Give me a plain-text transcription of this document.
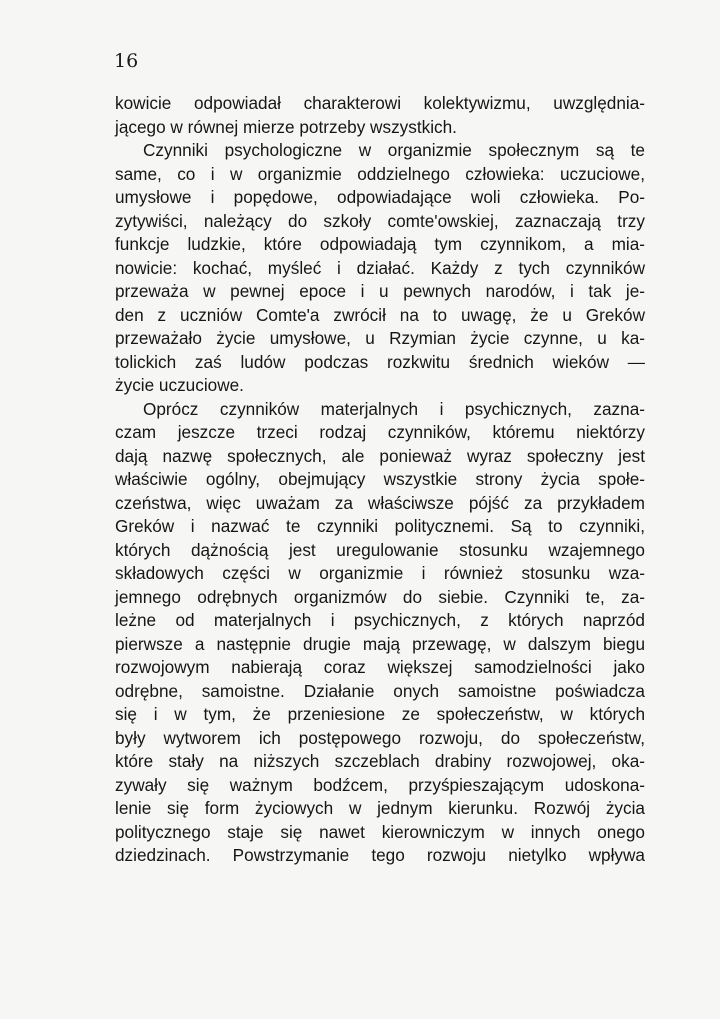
16
kowicie odpowiadał charakterowi kolektywizmu, uwzględnia-
jącego w równej mierze potrzeby wszystkich.
Czynniki psychologiczne w organizmie społecznym są te
same, co i w organizmie oddzielnego człowieka: uczuciowe,
umysłowe i popędowe, odpowiadające woli człowieka. Po-
zytywiści, należący do szkoły comte'owskiej, zaznaczają trzy
funkcje ludzkie, które odpowiadają tym czynnikom, a mia-
nowicie: kochać, myśleć i działać. Każdy z tych czynników
przeważa w pewnej epoce i u pewnych narodów, i tak je-
den z uczniów Comte'a zwrócił na to uwagę, że u Greków
przeważało życie umysłowe, u Rzymian życie czynne, u ka-
tolickich zaś ludów podczas rozkwitu średnich wieków —
życie uczuciowe.
Oprócz czynników materjalnych i psychicznych, zazna-
czam jeszcze trzeci rodzaj czynników, któremu niektórzy
dają nazwę społecznych, ale ponieważ wyraz społeczny jest
właściwie ogólny, obejmujący wszystkie strony życia społe-
czeństwa, więc uważam za właściwsze pójść za przykładem
Greków i nazwać te czynniki politycznemi. Są to czynniki,
których dążnością jest uregulowanie stosunku wzajemnego
składowych części w organizmie i również stosunku wza-
jemnego odrębnych organizmów do siebie. Czynniki te, za-
leżne od materjalnych i psychicznych, z których naprzód
pierwsze a następnie drugie mają przewagę, w dalszym biegu
rozwojowym nabierają coraz większej samodzielności jako
odrębne, samoistne. Działanie onych samoistne poświadcza
się i w tym, że przeniesione ze społeczeństw, w których
były wytworem ich postępowego rozwoju, do społeczeństw,
które stały na niższych szczeblach drabiny rozwojowej, oka-
zywały się ważnym bodźcem, przyśpieszającym udoskona-
lenie się form życiowych w jednym kierunku. Rozwój życia
politycznego staje się nawet kierowniczym w innych onego
dziedzinach. Powstrzymanie tego rozwoju nietylko wpływa
